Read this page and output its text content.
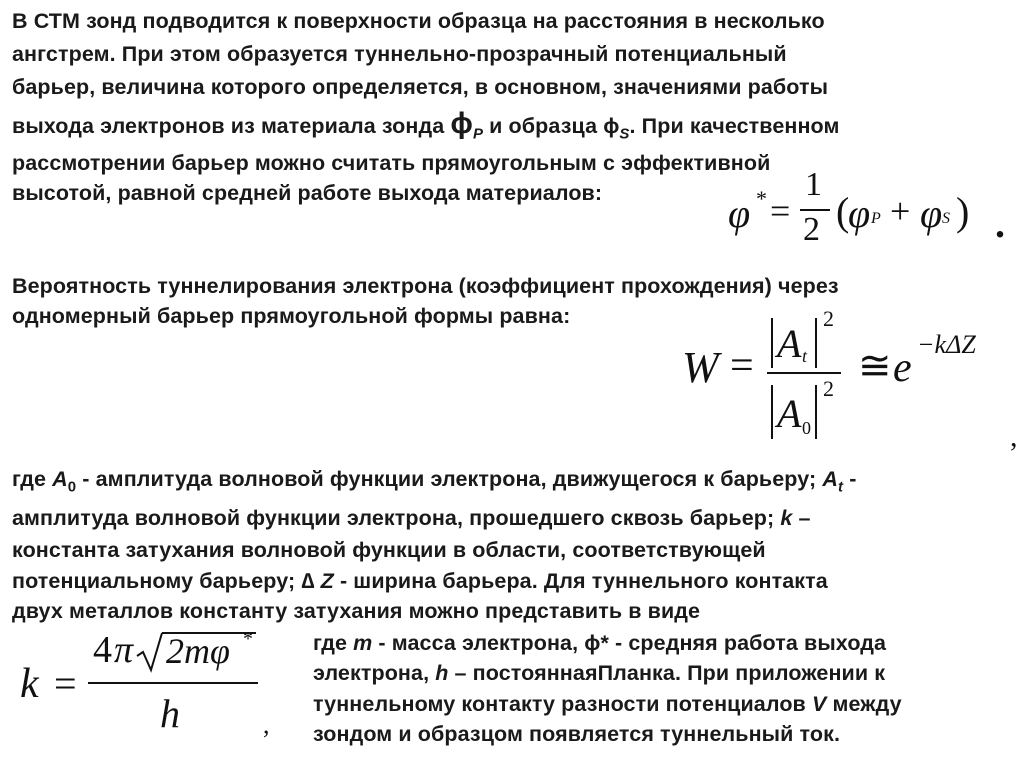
В СТМ зонд подводится к поверхности образца на расстояния в несколько
ангстрем. При этом образуется туннельно-прозрачный потенциальный
барьер, величина которого определяется, в основном, значениями работы
выхода электронов из материала зонда $\phi_P$ и образца $\phi_S$. При качественном
рассмотрении барьер можно считать прямоугольным с эффективной
высотой, равной средней работе выхода материалов:	φ * =
1
2 (
φ P + φ S ) .
Вероятность туннелирования электрона (коэффициент прохождения) через
одномерный барьер прямоугольной формы равна:
W = A t
2
A 0
2
≅ e
−kΔZ
,
где $A_0$ - амплитуда волновой функции электрона, движущегося к барьеру; $A_t$ -
амплитуда волновой функции электрона, прошедшего сквозь барьер; k –
константа затухания волновой функции в области, соответствующей
потенциальному барьеру; ∆ Z - ширина барьера. Для туннельного контакта
двух металлов константу затухания можно представить в виде
k =
4 π 2mφ *
h	,
где m - масса электрона, ϕ* - средняя работа выхода
электрона, h – постояннаяПланка. При приложении к
туннельному контакту разности потенциалов V между
зондом и образцом появляется туннельный ток.
